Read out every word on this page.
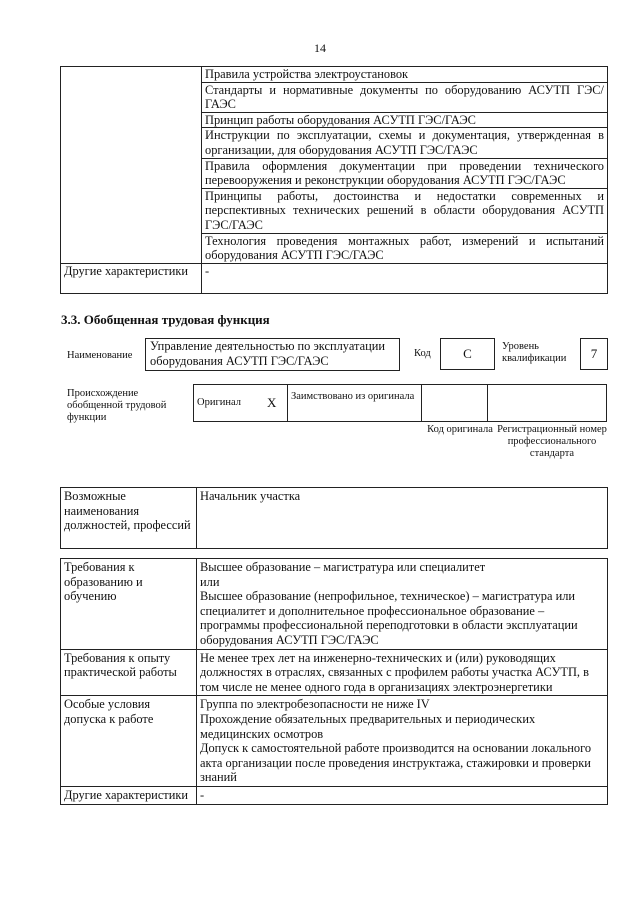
14
	Правила устройства электроустановок
	Стандарты и нормативные документы по оборудованию АСУТП ГЭС/ГАЭС
	Принцип работы оборудования АСУТП ГЭС/ГАЭС
	Инструкции по эксплуатации, схемы и документация, утвержденная в организации, для оборудования АСУТП ГЭС/ГАЭС
	Правила оформления документации при проведении технического перевооружения и реконструкции оборудования АСУТП ГЭС/ГАЭС
	Принципы работы, достоинства и недостатки современных и перспективных технических решений в области оборудования АСУТП ГЭС/ГАЭС
	Технология проведения монтажных работ, измерений и испытаний оборудования АСУТП ГЭС/ГАЭС
Другие характеристики	-
3.3. Обобщенная трудовая функция
Наименование
Управление деятельностью по эксплуатации оборудования АСУТП ГЭС/ГАЭС
Код	C	Уровень квалификации	7
Происхождение обобщенной трудовой функции
Оригинал	X	Заимствовано из оригинала		
Код оригинала Регистрационный номер профессионального стандарта
Возможные наименования должностей, профессий	Начальник участка
Требования к образованию и обучению	Высшее образование – магистратура или специалитет
или
Высшее образование (непрофильное, техническое) – магистратура или специалитет и дополнительное профессиональное образование – программы профессиональной переподготовки в области эксплуатации оборудования АСУТП ГЭС/ГАЭС

Требования к опыту практической работы	Не менее трех лет на инженерно-технических и (или) руководящих должностях в отраслях, связанных с профилем работы участка АСУТП, в том числе не менее одного года в организациях электроэнергетики
Особые условия допуска к работе	Группа по электробезопасности не ниже IV
Прохождение обязательных предварительных и периодических медицинских осмотров
Допуск к самостоятельной работе производится на основании локального акта организации после проведения инструктажа, стажировки и проверки знаний

Другие характеристики	-
